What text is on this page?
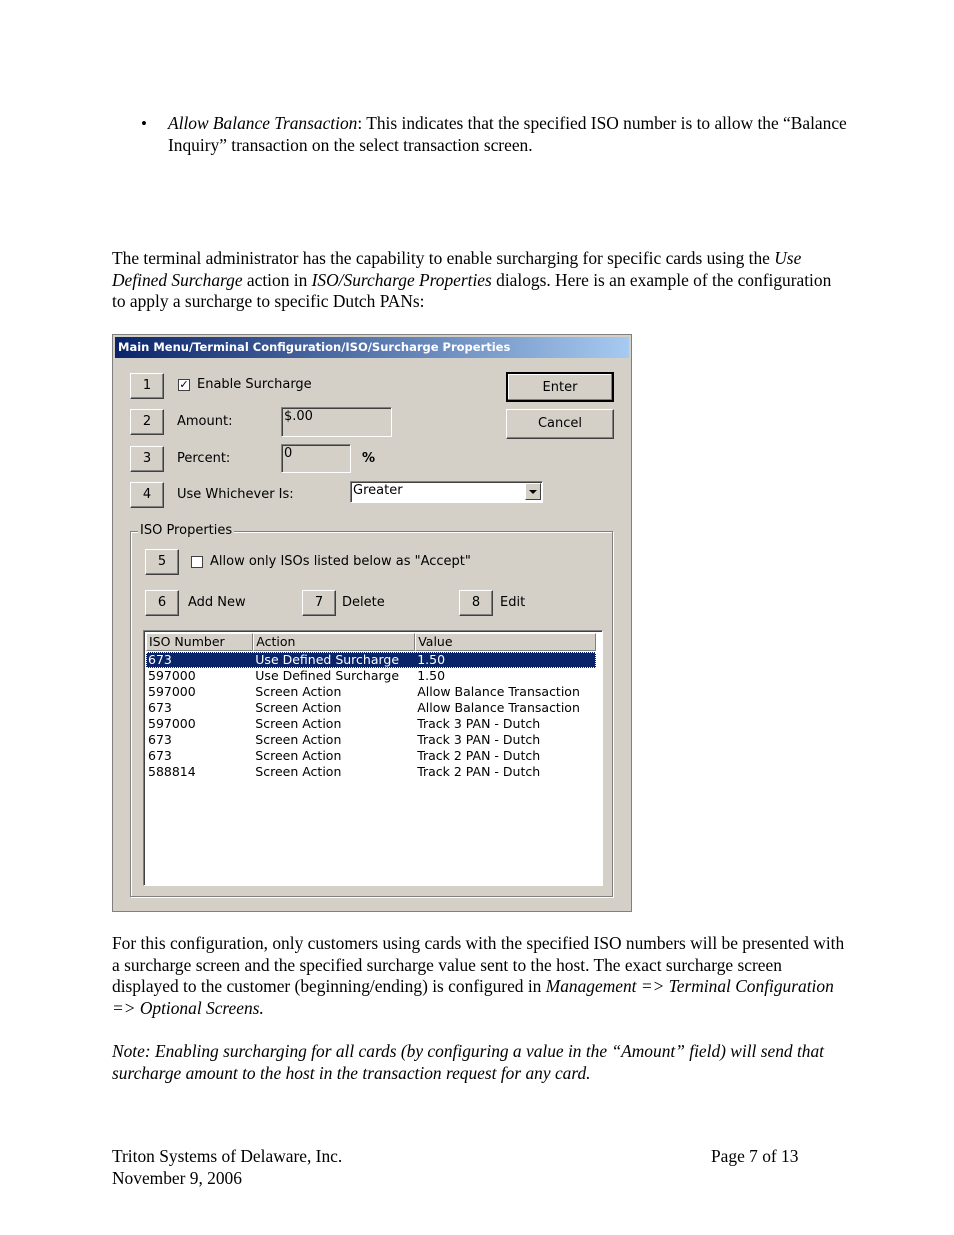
• Allow Balance Transaction: This indicates that the specified ISO number is to allow the “Balance Inquiry” transaction on the select transaction screen.
The terminal administrator has the capability to enable surcharging for specific cards using the Use Defined Surcharge action in ISO/Surcharge Properties dialogs. Here is an example of the configuration to apply a surcharge to specific Dutch PANs:
Main Menu/Terminal Configuration/ISO/Surcharge Properties
1	✓ Enable Surcharge
2	Amount:	$.00
3	Percent:	0	%
4	Use Whichever Is:	Greater
Enter
Cancel
ISO Properties
5	Allow only ISOs listed below as "Accept"
6	Add New	7	Delete	8	Edit
ISO Number	Action	Value
673	Use Defined Surcharge	1.50
597000	Use Defined Surcharge	1.50
597000	Screen Action	Allow Balance Transaction
673	Screen Action	Allow Balance Transaction
597000	Screen Action	Track 3 PAN - Dutch
673	Screen Action	Track 3 PAN - Dutch
673	Screen Action	Track 2 PAN - Dutch
588814	Screen Action	Track 2 PAN - Dutch
For this configuration, only customers using cards with the specified ISO numbers will be presented with a surcharge screen and the specified surcharge value sent to the host. The exact surcharge screen displayed to the customer (beginning/ending) is configured in Management => Terminal Configuration => Optional Screens.
Note: Enabling surcharging for all cards (by configuring a value in the “Amount” field) will send that surcharge amount to the host in the transaction request for any card.
Triton Systems of Delaware, Inc.
November 9, 2006
Page 7 of 13
